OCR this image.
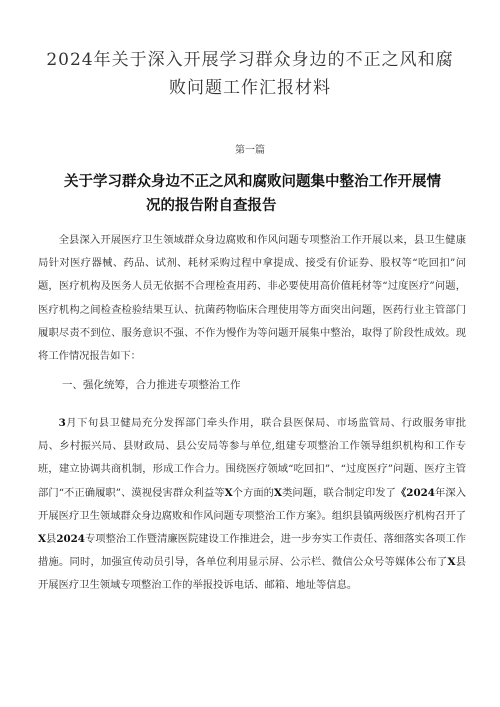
2024年关于深入开展学习群众身边的不正之风和腐
败问题工作汇报材料
第一篇
关于学习群众身边不正之风和腐败问题集中整治工作开展情
况的报告附自查报告

全县深入开展医疗卫生领域群众身边腐败和作风问题专项整治工作开展以来，县卫生健康局针对医疗器械、药品、试剂、耗材采购过程中拿提成、接受有价证券、股权等“吃回扣”问题，医疗机构及医务人员无依据不合理检查用药、非必要使用高价值耗材等“过度医疗”问题，医疗机构之间检查检验结果互认、抗菌药物临床合理使用等方面突出问题，医药行业主管部门履职尽责不到位、服务意识不强、不作为慢作为等问题开展集中整治，取得了阶段性成效。现将工作情况报告如下：

一、强化统筹，合力推进专项整治工作

3月下旬县卫健局充分发挥部门牵头作用，联合县医保局、市场监管局、行政服务审批局、乡村振兴局、县财政局、县公安局等参与单位,组建专项整治工作领导组织机构和工作专班，建立协调共商机制，形成工作合力。围绕医疗领域“吃回扣”、“过度医疗”问题、医疗主管部门“不正确履职”、漠视侵害群众利益等X个方面的X类问题，联合制定印发了《2024年深入开展医疗卫生领域群众身边腐败和作风问题专项整治工作方案》。组织县镇两级医疗机构召开了X县2024专项整治工作暨清廉医院建设工作推进会，进一步夯实工作责任、落细落实各项工作措施。同时，加强宣传动员引导，各单位利用显示屏、公示栏、微信公众号等媒体公布了X县开展医疗卫生领域专项整治工作的举报投诉电话、邮箱、地址等信息。
